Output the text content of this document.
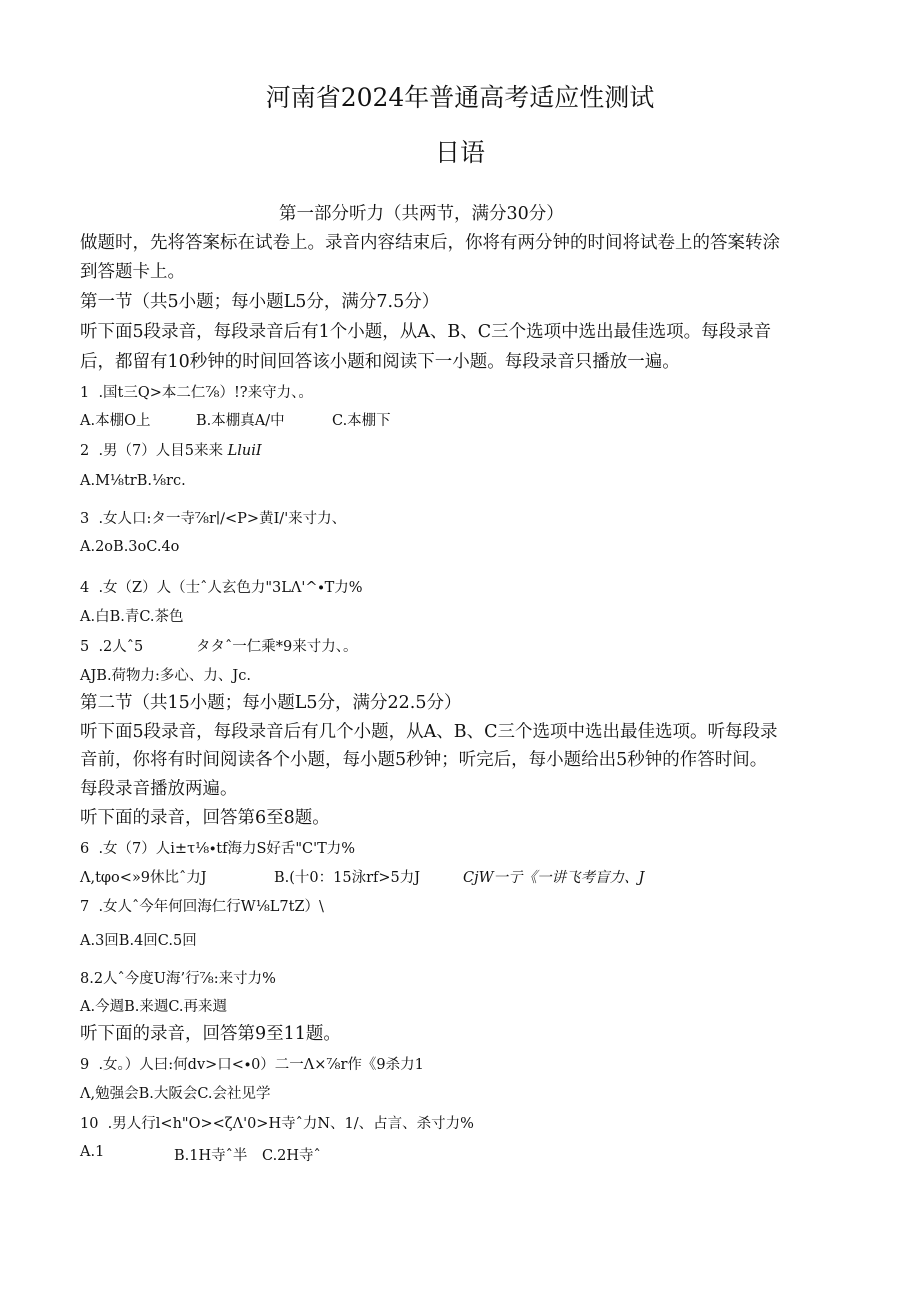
河南省2024年普通高考适应性测试
日语
第一部分听力（共两节，满分30分）
做题时，先将答案标在试卷上。录音内容结束后，你将有两分钟的时间将试卷上的答案转涂
到答题卡上。
第一节（共5小题；每小题L5分，满分7.5分）
听下面5段录音，每段录音后有1个小题，从A、B、C三个选项中选出最佳选项。每段录音
后，都留有10秒钟的时间回答该小题和阅读下一小题。每段录音只播放一遍。
1  .国t三Q>本二仁⅞）!?来守力、。
A.本棚O上	B.本棚真A/中	C.本棚下
2  .男（7）人目5来来 LluiI
A.M⅛trB.⅛rc.
3  .女人口:タ一寺⅞r∣∕<P>黄I/'来寸力、
A.2oB.3oC.4o
4  .女（Z）人（士ˆ人玄色力"3LΛ'^∙T力%
A.白B.青C.茶色
5  .2人ˆ5	タタˆ一仁乘*9来寸力、。
AJB.荷物力:多心、力、Jc.
第二节（共15小题；每小题L5分，满分22.5分）
听下面5段录音，每段录音后有几个小题，从A、B、C三个选项中选出最佳选项。听每段录
音前，你将有时间阅读各个小题，每小题5秒钟；听完后，每小题给出5秒钟的作答时间。
每段录音播放两遍。
听下面的录音，回答第6至8题。
6  .女（7）人i±τ⅛∙tf海力S好舌"C'T力%
Λ,tφo<»9休比ˆ力J	B.(十0：15泳rf>5力J	CjW一亍《一讲飞考盲力、J
7  .女人ˆ今年何回海仁行W⅛L7tZ）\
A.3回B.4回C.5回
8.2人ˆ今度U海’行⅞:来寸力%
A.今週B.来週C.再来週
听下面的录音，回答第9至11题。
9  .女。）人曰:何dv>口<∙0）二一Λ×⅞r作《9杀力1
Λ,勉强会B.大阪会C.会社见学
10  .男人行l<h"O><ζΛ'0>H寺ˆ力N、1/、占言、杀寸力%
A.1	B.1H寺ˆ半 C.2H寺ˆ
